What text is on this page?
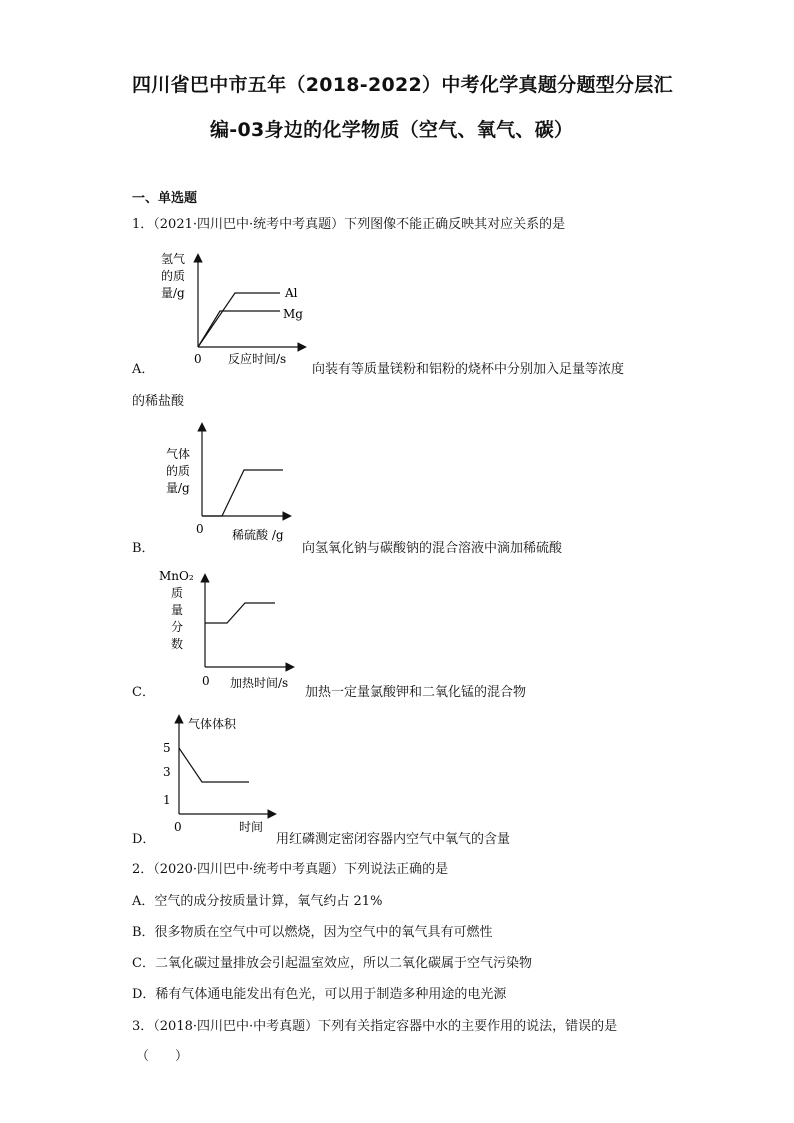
四川省巴中市五年（2018-2022）中考化学真题分题型分层汇
编-03身边的化学物质（空气、氧气、碳）
一、单选题
1．（2021·四川巴中·统考中考真题）下列图像不能正确反映其对应关系的是
氢气
的质
量/g	Al
Mg
0 反应时间/s
A．	向装有等质量镁粉和铝粉的烧杯中分别加入足量等浓度
的稀盐酸
气体
的质
量/g
0 稀硫酸 /g
B．	向氢氧化钠与碳酸钠的混合溶液中滴加稀硫酸
MnO₂
质
量
分
数
0 加热时间/s
C．	加热一定量氯酸钾和二氧化锰的混合物
气体体积
5
3
1
0	时间
D．	用红磷测定密闭容器内空气中氧气的含量
2．（2020·四川巴中·统考中考真题）下列说法正确的是
A．空气的成分按质量计算，氧气约占 21%
B．很多物质在空气中可以燃烧，因为空气中的氧气具有可燃性
C．二氧化碳过量排放会引起温室效应，所以二氧化碳属于空气污染物
D．稀有气体通电能发出有色光，可以用于制造多种用途的电光源
3．（2018·四川巴中·中考真题）下列有关指定容器中水的主要作用的说法，错误的是
（　　）
